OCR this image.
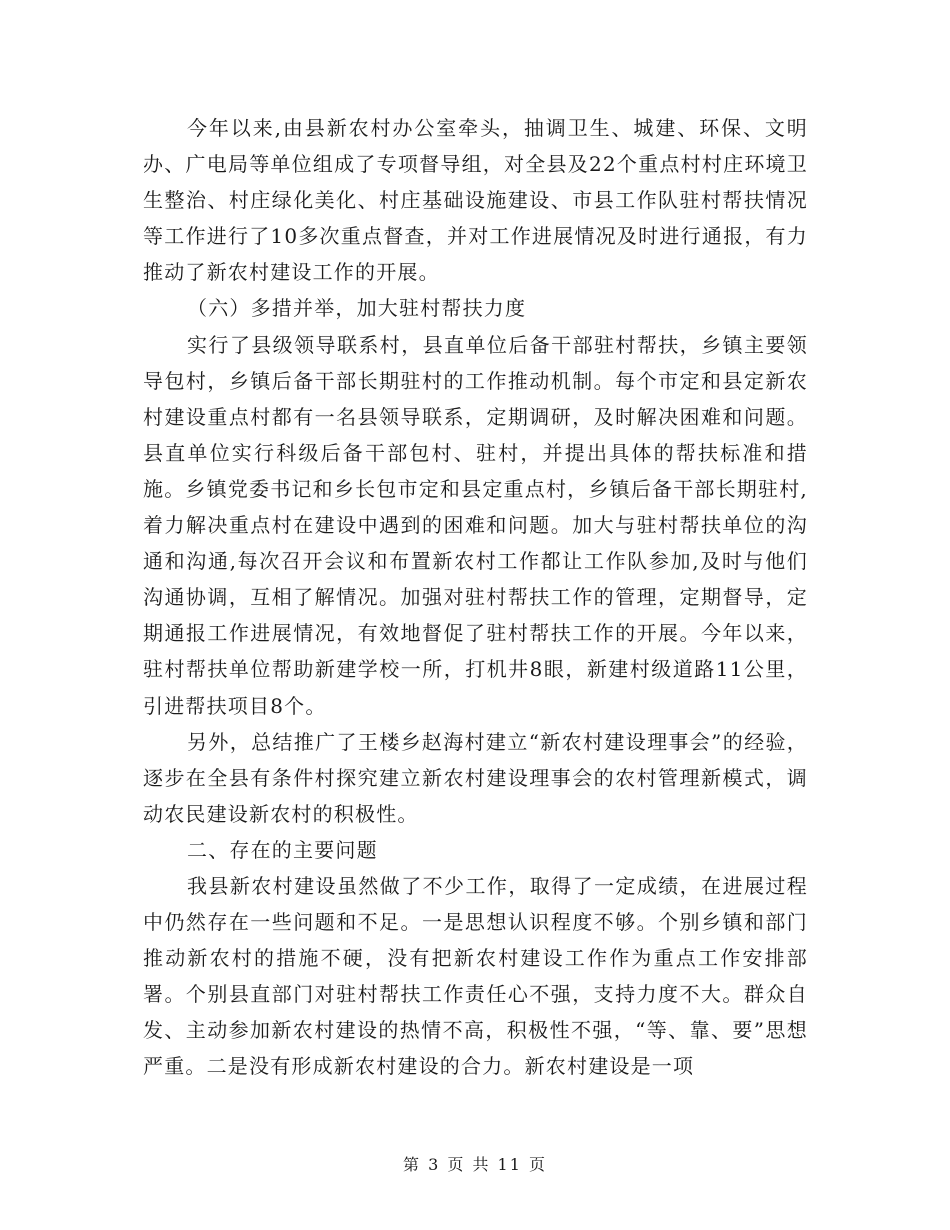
今年以来,由县新农村办公室牵头，抽调卫生、城建、环保、文明办、广电局等单位组成了专项督导组，对全县及22个重点村村庄环境卫生整治、村庄绿化美化、村庄基础设施建设、市县工作队驻村帮扶情况等工作进行了10多次重点督查，并对工作进展情况及时进行通报，有力推动了新农村建设工作的开展。

（六）多措并举，加大驻村帮扶力度

实行了县级领导联系村，县直单位后备干部驻村帮扶，乡镇主要领导包村，乡镇后备干部长期驻村的工作推动机制。每个市定和县定新农村建设重点村都有一名县领导联系，定期调研，及时解决困难和问题。县直单位实行科级后备干部包村、驻村，并提出具体的帮扶标准和措施。乡镇党委书记和乡长包市定和县定重点村，乡镇后备干部长期驻村,着力解决重点村在建设中遇到的困难和问题。加大与驻村帮扶单位的沟通和沟通,每次召开会议和布置新农村工作都让工作队参加,及时与他们沟通协调，互相了解情况。加强对驻村帮扶工作的管理，定期督导，定期通报工作进展情况，有效地督促了驻村帮扶工作的开展。今年以来，驻村帮扶单位帮助新建学校一所，打机井8眼，新建村级道路11公里，引进帮扶项目8个。

另外，总结推广了王楼乡赵海村建立“新农村建设理事会”的经验，逐步在全县有条件村探究建立新农村建设理事会的农村管理新模式，调动农民建设新农村的积极性。

二、存在的主要问题

我县新农村建设虽然做了不少工作，取得了一定成绩，在进展过程中仍然存在一些问题和不足。一是思想认识程度不够。个别乡镇和部门推动新农村的措施不硬，没有把新农村建设工作作为重点工作安排部署。个别县直部门对驻村帮扶工作责任心不强，支持力度不大。群众自发、主动参加新农村建设的热情不高，积极性不强，“等、靠、要”思想严重。二是没有形成新农村建设的合力。新农村建设是一项

第 3 页 共 11 页
